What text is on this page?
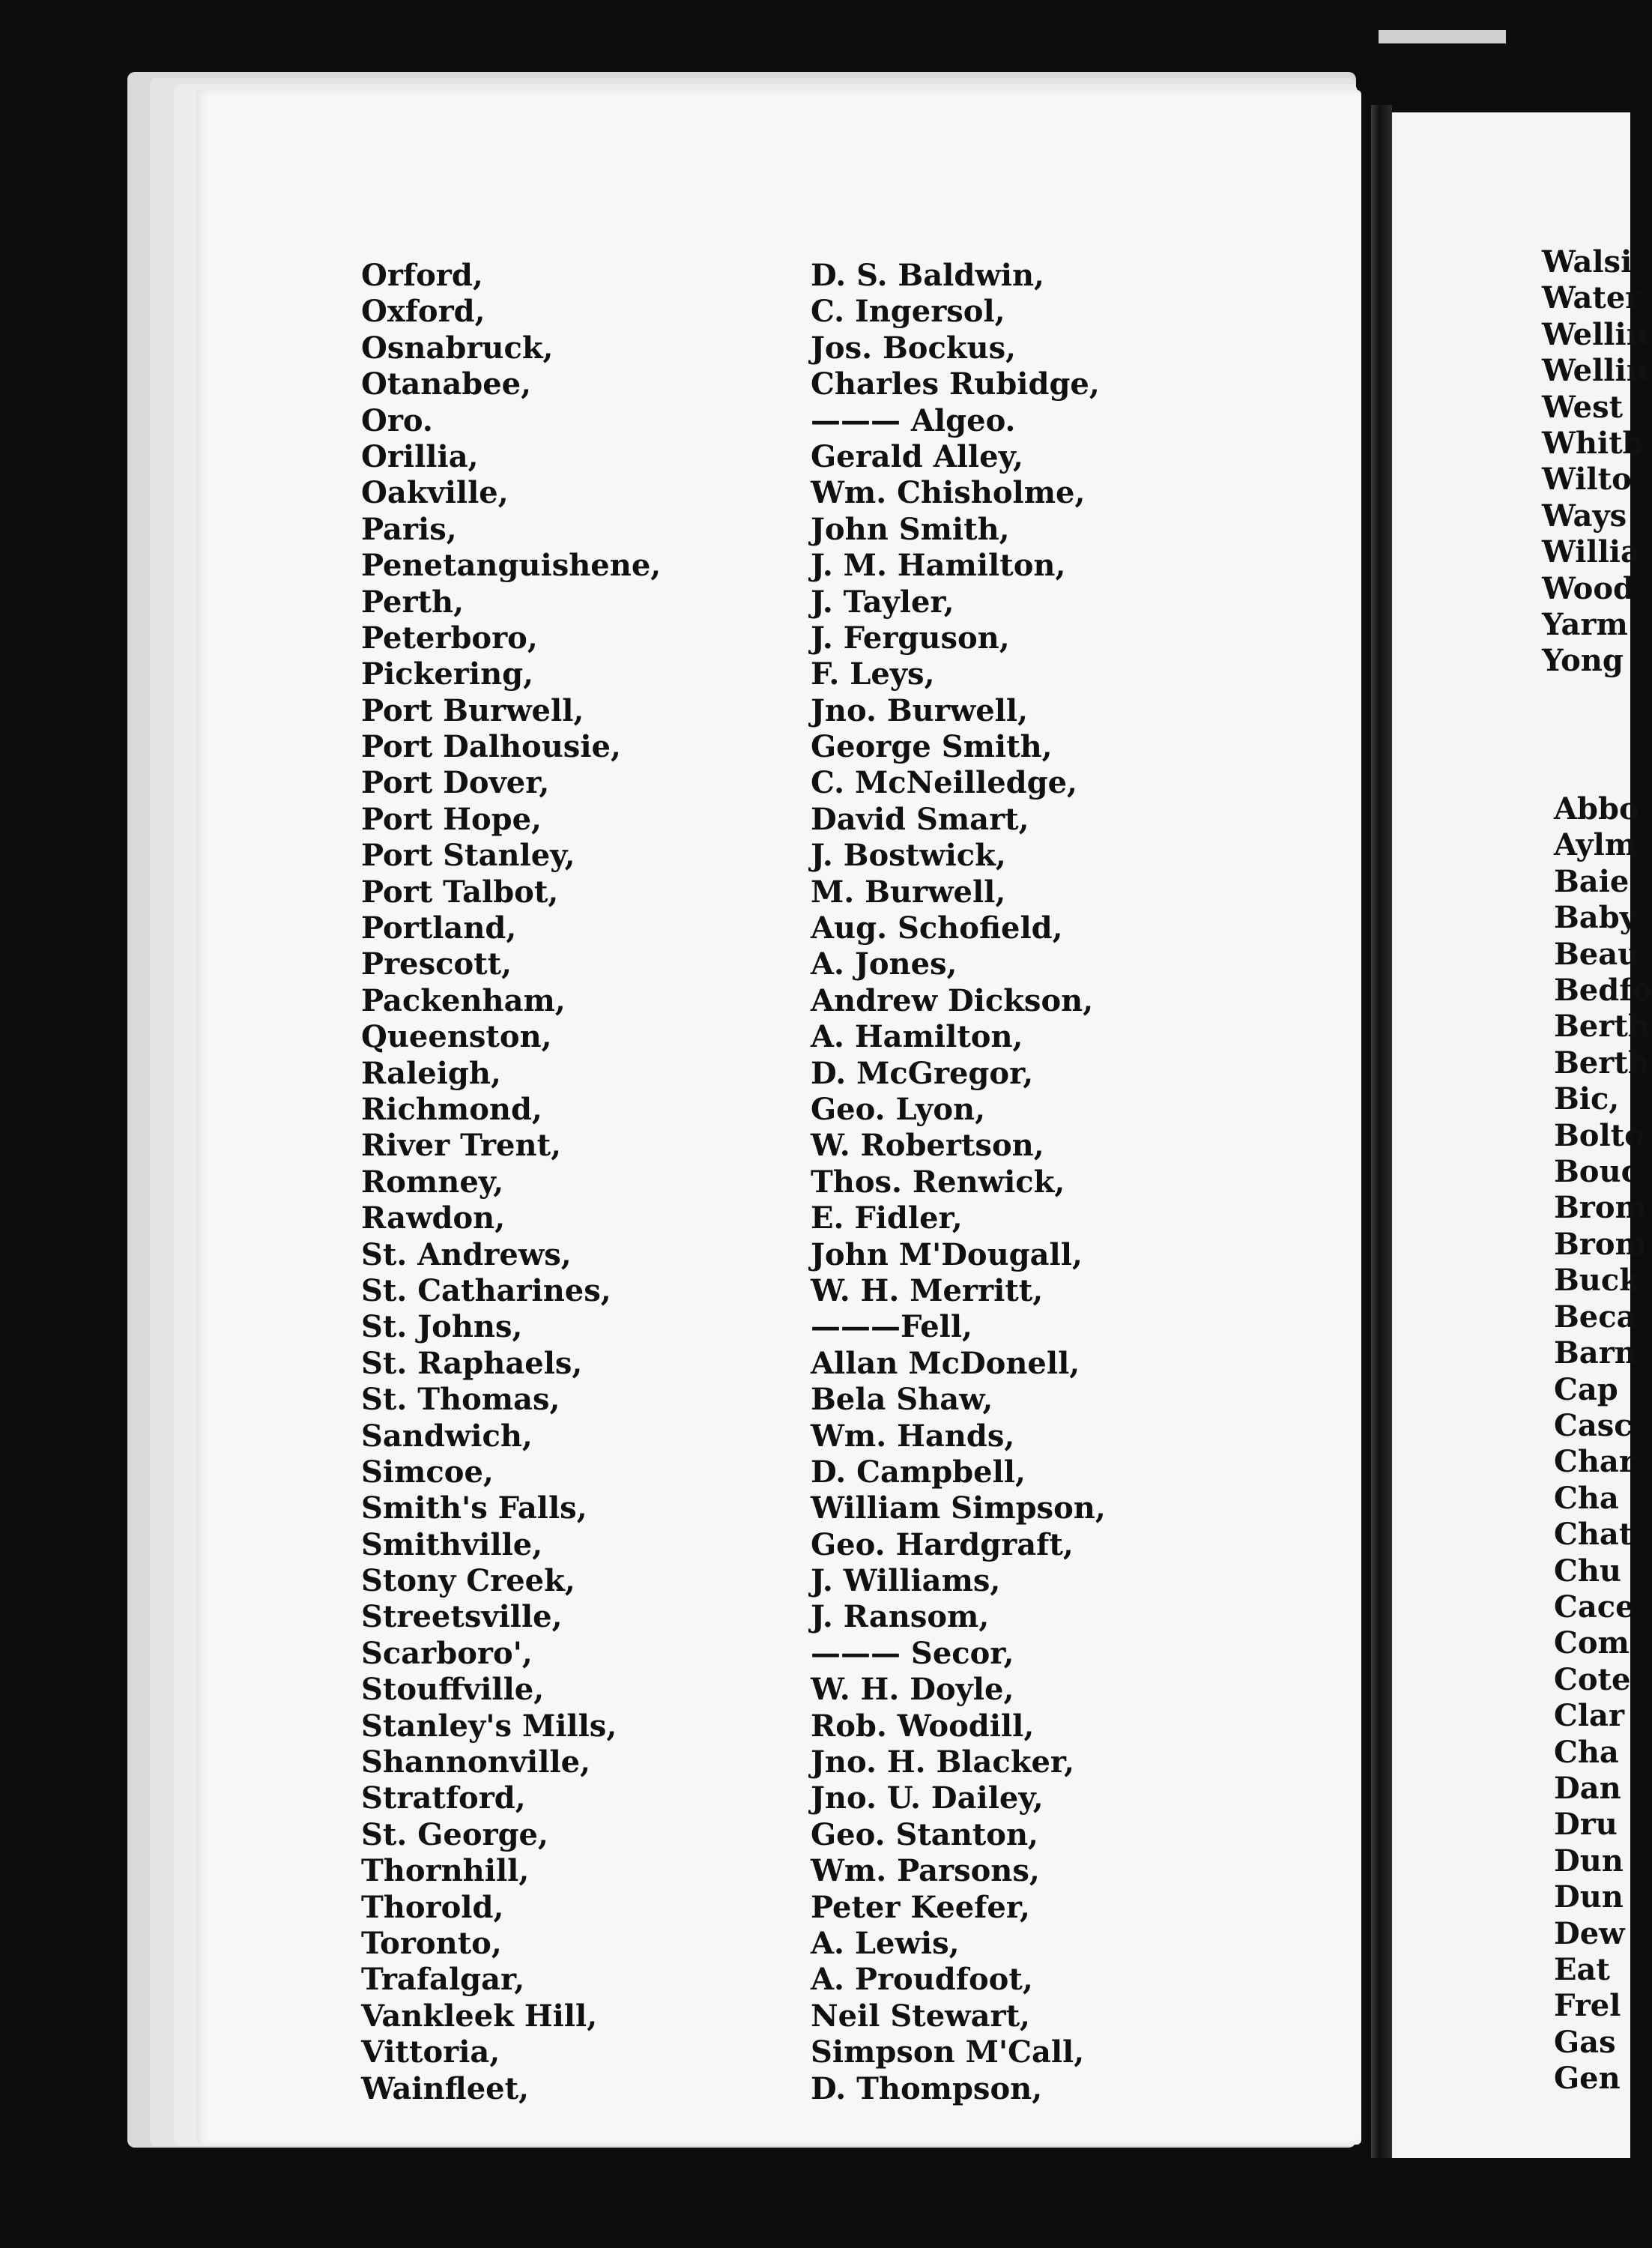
Orford,
Oxford,
Osnabruck,
Otanabee,
Oro.
Orillia,
Oakville,
Paris,
Penetanguishene,
Perth,
Peterboro,
Pickering,
Port Burwell,
Port Dalhousie,
Port Dover,
Port Hope,
Port Stanley,
Port Talbot,
Portland,
Prescott,
Packenham,
Queenston,
Raleigh,
Richmond,
River Trent,
Romney,
Rawdon,
St. Andrews,
St. Catharines,
St. Johns,
St. Raphaels,
St. Thomas,
Sandwich,
Simcoe,
Smith's Falls,
Smithville,
Stony Creek,
Streetsville,
Scarboro',
Stouffville,
Stanley's Mills,
Shannonville,
Stratford,
St. George,
Thornhill,
Thorold,
Toronto,
Trafalgar,
Vankleek Hill,
Vittoria,
Wainfleet,
D. S. Baldwin,
C. Ingersol,
Jos. Bockus,
Charles Rubidge,
——— Algeo.
Gerald Alley,
Wm. Chisholme,
John Smith,
J. M. Hamilton,
J. Tayler,
J. Ferguson,
F. Leys,
Jno. Burwell,
George Smith,
C. McNeilledge,
David Smart,
J. Bostwick,
M. Burwell,
Aug. Schofield,
A. Jones,
Andrew Dickson,
A. Hamilton,
D. McGregor,
Geo. Lyon,
W. Robertson,
Thos. Renwick,
E. Fidler,
John M'Dougall,
W. H. Merritt,
———Fell,
Allan McDonell,
Bela Shaw,
Wm. Hands,
D. Campbell,
William Simpson,
Geo. Hardgraft,
J. Williams,
J. Ransom,
——— Secor,
W. H. Doyle,
Rob. Woodill,
Jno. H. Blacker,
Jno. U. Dailey,
Geo. Stanton,
Wm. Parsons,
Peter Keefer,
A. Lewis,
A. Proudfoot,
Neil Stewart,
Simpson M'Call,
D. Thompson,
Walsi
Water
Wellin
Wellin
West
Whitb
Wilto
Ways
Willia
Wood
Yarm
Yong
Abbo
Aylm
Baie
Baby
Beau
Bedfo
Berth
Berth
Bic,
Bolto
Bouc
Brom
Brom
Buck
Beca
Barn
Cap
Casc
Char
Cha
Chat
Chu
Cace
Com
Cote
Clar
Cha
Dan
Dru
Dun
Dun
Dew
Eat
Frel
Gas
Gen
